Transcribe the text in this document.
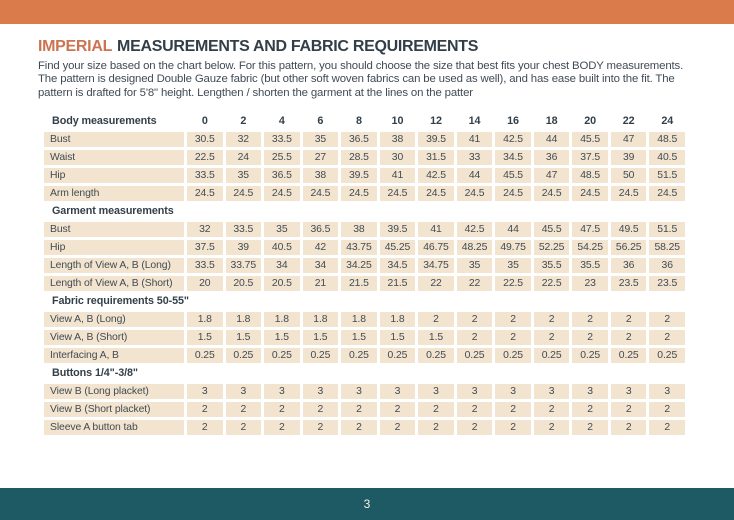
IMPERIAL MEASUREMENTS AND FABRIC REQUIREMENTS
Find your size based on the chart below. For this pattern, you should choose the size that best fits your chest BODY measurements.
The pattern is designed Double Gauze fabric (but other soft woven fabrics can be used as well), and has ease built into the fit. The
pattern is drafted for 5'8" height. Lengthen / shorten the garment at the lines on the patter
Body measurements	0	2	4	6	8	10	12	14	16	18	20	22	24
Bust	30.5	32	33.5	35	36.5	38	39.5	41	42.5	44	45.5	47	48.5
Waist	22.5	24	25.5	27	28.5	30	31.5	33	34.5	36	37.5	39	40.5
Hip	33.5	35	36.5	38	39.5	41	42.5	44	45.5	47	48.5	50	51.5
Arm length	24.5	24.5	24.5	24.5	24.5	24.5	24.5	24.5	24.5	24.5	24.5	24.5	24.5
Garment measurements
Bust	32	33.5	35	36.5	38	39.5	41	42.5	44	45.5	47.5	49.5	51.5
Hip	37.5	39	40.5	42	43.75	45.25	46.75	48.25	49.75	52.25	54.25	56.25	58.25
Length of View A, B (Long)	33.5	33.75	34	34	34.25	34.5	34.75	35	35	35.5	35.5	36	36
Length of View A, B (Short)	20	20.5	20.5	21	21.5	21.5	22	22	22.5	22.5	23	23.5	23.5
Fabric requirements 50-55"
View A, B (Long)	1.8	1.8	1.8	1.8	1.8	1.8	2	2	2	2	2	2	2
View A, B (Short)	1.5	1.5	1.5	1.5	1.5	1.5	1.5	2	2	2	2	2	2
Interfacing A, B	0.25	0.25	0.25	0.25	0.25	0.25	0.25	0.25	0.25	0.25	0.25	0.25	0.25
Buttons 1/4"-3/8"
View B (Long placket)	3	3	3	3	3	3	3	3	3	3	3	3	3
View B (Short placket)	2	2	2	2	2	2	2	2	2	2	2	2	2
Sleeve A button tab	2	2	2	2	2	2	2	2	2	2	2	2	2
3
